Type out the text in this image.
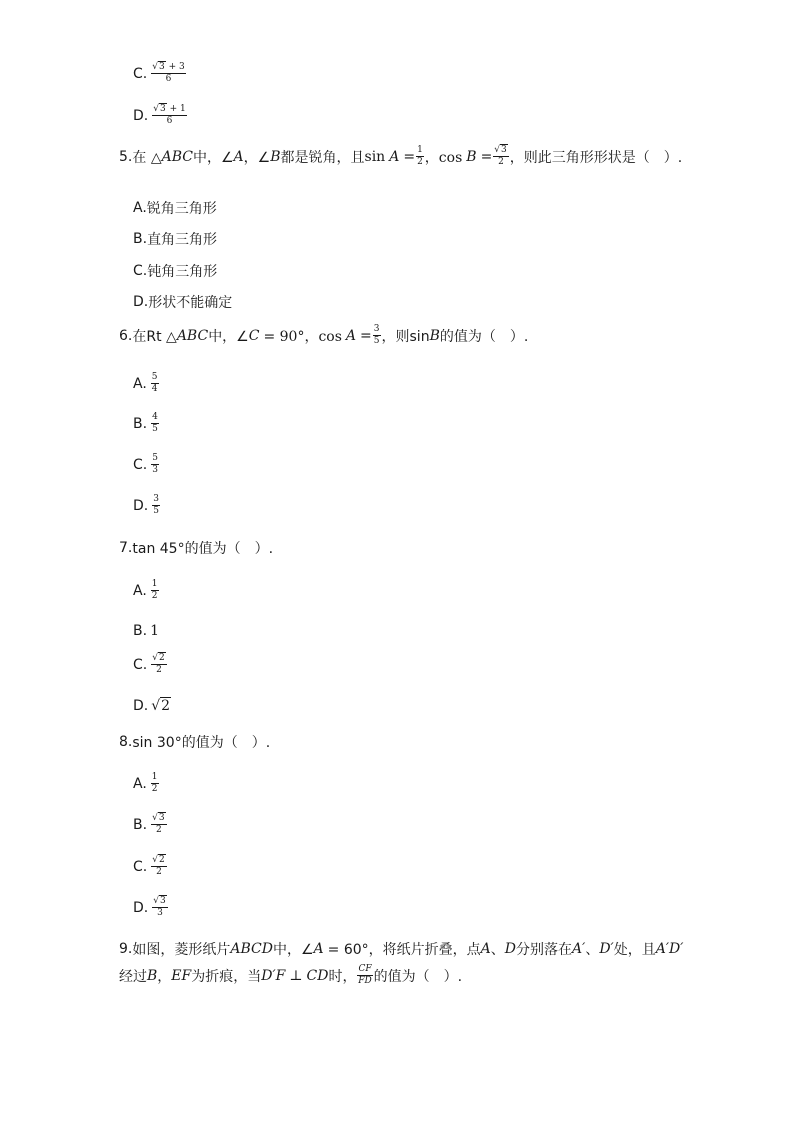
C. $\frac{√3 + 3}{6}$
D. $\frac{√3 + 1}{6}$
5 . 在 △ ABC 中，∠ A ，∠ B 都是锐角，且 $\sin A = \frac{1}{2}$ ，$\cos B = \frac{√3}{2}$ ，则此三角形形状是（　）.
A. 锐角三角形
B. 直角三角形
C. 钝角三角形
D. 形状不能确定
6 . 在Rt △ ABC 中，∠ C = 90°，$\cos A = \frac{3}{5}$ ，则sin B 的值为（　）.
A. $\frac{5}{4}$
B. $\frac{4}{5}$
C. $\frac{5}{3}$
D. $\frac{3}{5}$
7 . tan 45°的值为（　）.
A. $\frac{1}{2}$
B. 1
C. $\frac{√2}{2}$
D. √2
8 . sin 30°的值为（　）.
A. $\frac{1}{2}$
B. $\frac{√3}{2}$
C. $\frac{√2}{2}$
D. $\frac{√3}{3}$
9 . 如图，菱形纸片 ABCD 中，∠ A = 60°，将纸片折叠，点 A 、 D 分别落在 A′ 、 D′ 处，且 A′D′
经过 B ， EF 为折痕，当 D′F ⊥ CD 时， $\frac{CF}{FD}$ 的值为（　）.
